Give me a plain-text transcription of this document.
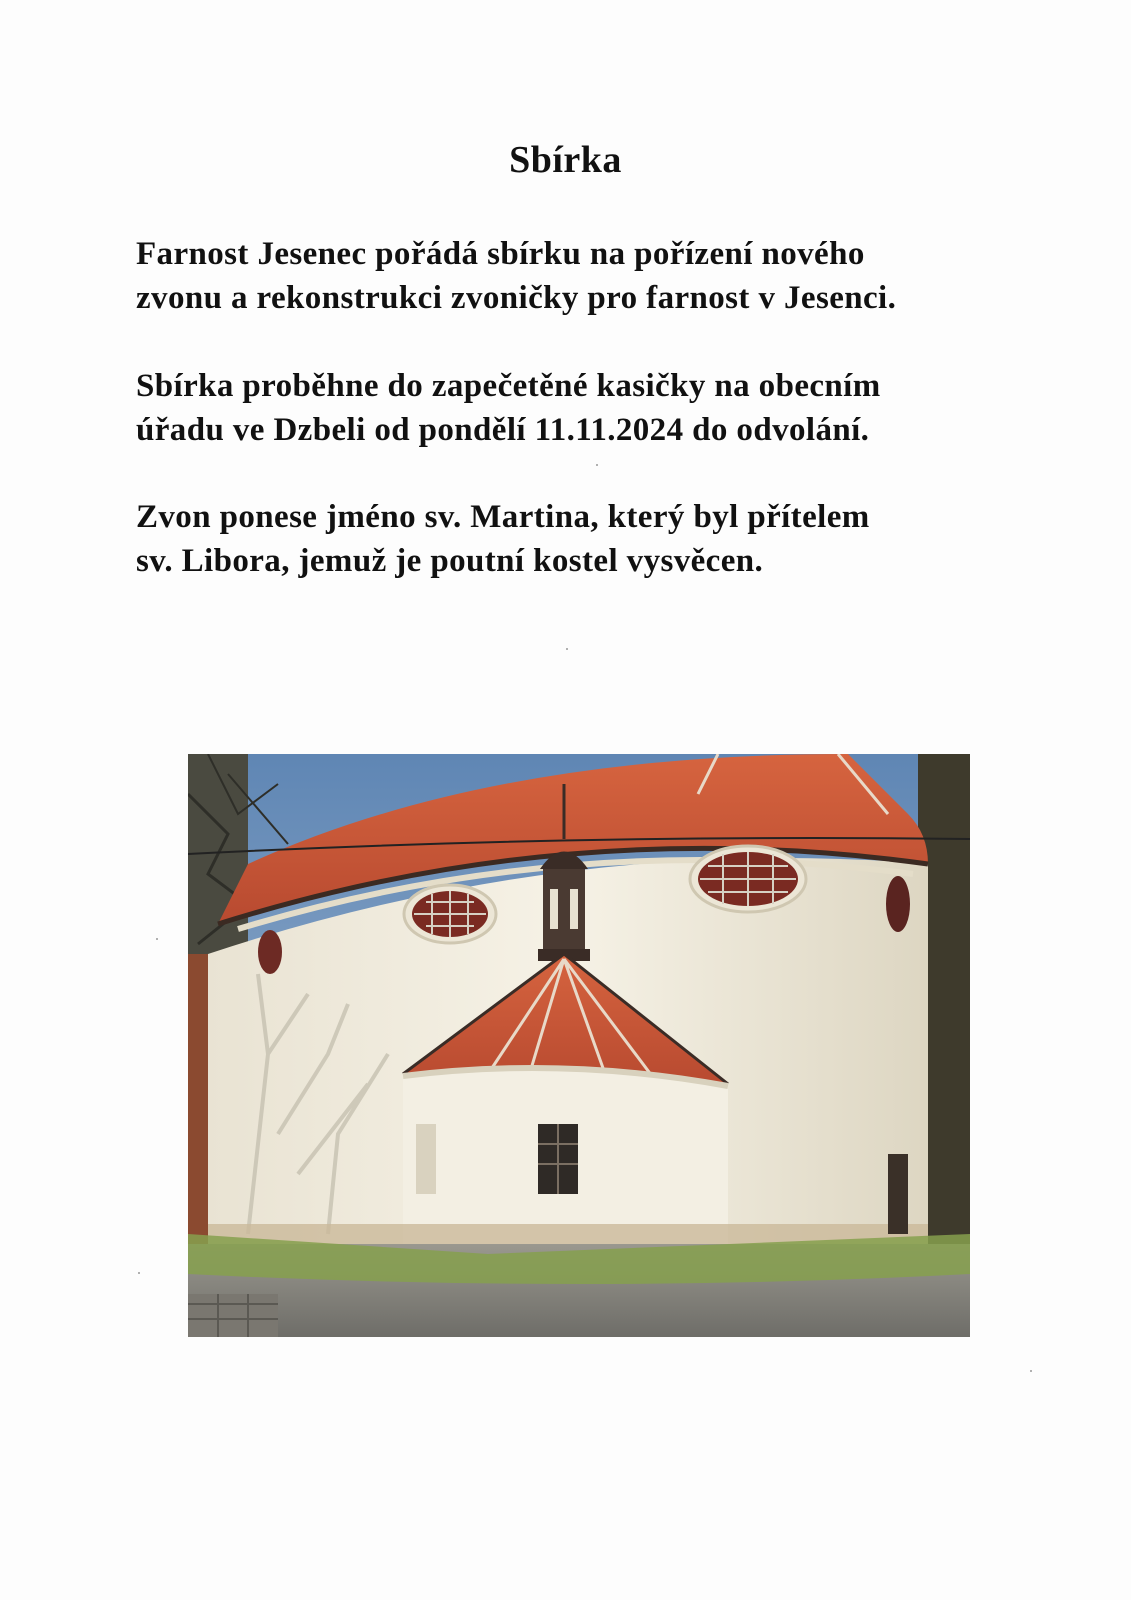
Sbírka

Farnost Jesenec pořádá sbírku na pořízení nového
zvonu a rekonstrukci zvoničky pro farnost v Jesenci.

Sbírka proběhne do zapečetěné kasičky na obecním
úřadu ve Dzbeli od pondělí 11.11.2024 do odvolání.

Zvon ponese jméno sv. Martina, který byl přítelem
sv. Libora, jemuž je poutní kostel vysvěcen.
